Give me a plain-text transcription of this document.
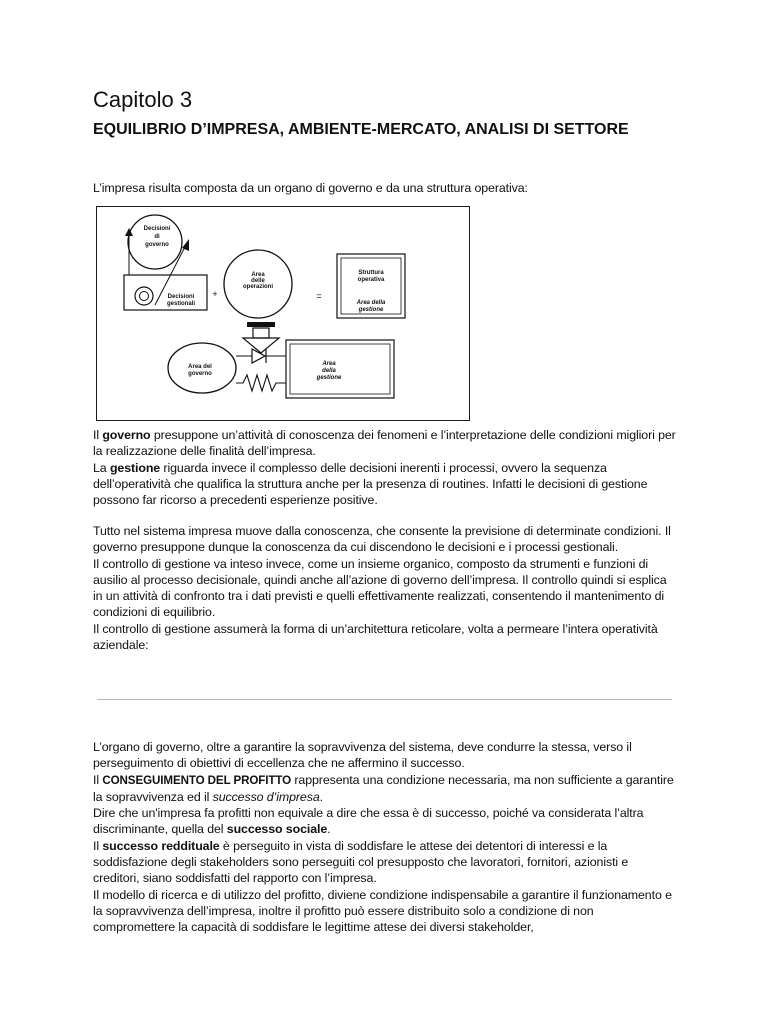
Capitolo 3
EQUILIBRIO D’IMPRESA, AMBIENTE-MERCATO, ANALISI DI SETTORE

L’impresa risulta composta da un organo di governo e da una struttura operativa:

Decisioni
di
governo
Decisioni
gestionali
+
Area
delle
operazioni
=
Struttura
operativa
Area della
gestione
Area del
governo
Area
della
gestione

Il governo presuppone un’attività di conoscenza dei fenomeni e l’interpretazione delle condizioni migliori per la realizzazione delle finalità dell’impresa.
La gestione riguarda invece il complesso delle decisioni inerenti i processi, ovvero la sequenza dell’operatività che qualifica la struttura anche per la presenza di routines. Infatti le decisioni di gestione possono far ricorso a precedenti esperienze positive.

Tutto nel sistema impresa muove dalla conoscenza, che consente la previsione di determinate condizioni. Il governo presuppone dunque la conoscenza da cui discendono le decisioni e i processi gestionali.
Il controllo di gestione va inteso invece, come un insieme organico, composto da strumenti e funzioni di ausilio al processo decisionale, quindi anche all’azione di governo dell’impresa. Il controllo quindi si esplica in un attività di confronto tra i dati previsti e quelli effettivamente realizzati, consentendo il mantenimento di condizioni di equilibrio.
Il controllo di gestione assumerà la forma di un’architettura reticolare, volta a permeare l’intera operatività aziendale:

L’organo di governo, oltre a garantire la sopravvivenza del sistema, deve condurre la stessa, verso il perseguimento di obiettivi di eccellenza che ne affermino il successo.
Il CONSEGUIMENTO DEL PROFITTO rappresenta una condizione necessaria, ma non sufficiente a garantire la sopravvivenza ed il successo d’impresa.
Dire che un'impresa fa profitti non equivale a dire che essa è di successo, poiché va considerata l’altra discriminante, quella del successo sociale.
Il successo reddituale è perseguito in vista di soddisfare le attese dei detentori di interessi e la soddisfazione degli stakeholders sono perseguiti col presupposto che lavoratori, fornitori, azionisti e creditori, siano soddisfatti del rapporto con l’impresa.
Il modello di ricerca e di utilizzo del profitto, diviene condizione indispensabile a garantire il funzionamento e la sopravvivenza dell’impresa, inoltre il profitto può essere distribuito solo a condizione di non compromettere la capacità di soddisfare le legittime attese dei diversi stakeholder,
